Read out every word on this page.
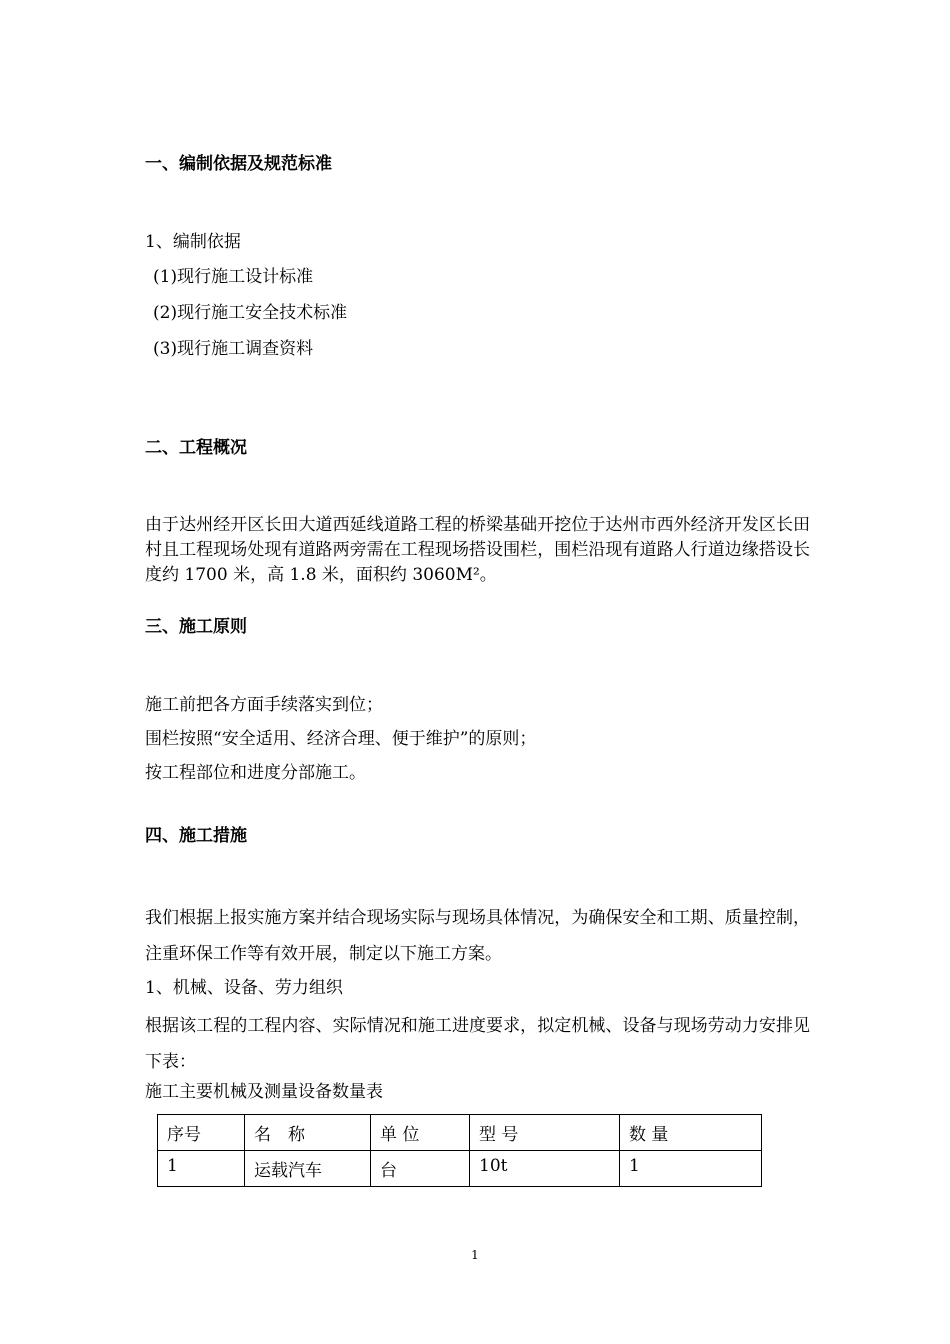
一、编制依据及规范标准
1、编制依据
(1)现行施工设计标准
(2)现行施工安全技术标准
(3)现行施工调查资料
二、工程概况
由于达州经开区长田大道西延线道路工程的桥梁基础开挖位于达州市西外经济开发区长田村且工程现场处现有道路两旁需在工程现场搭设围栏，围栏沿现有道路人行道边缘搭设长度约 1700 米，高 1.8 米，面积约 3060M²。
三、施工原则
施工前把各方面手续落实到位；
围栏按照“安全适用、经济合理、便于维护”的原则；
按工程部位和进度分部施工。
四、施工措施
我们根据上报实施方案并结合现场实际与现场具体情况，为确保安全和工期、质量控制，注重环保工作等有效开展，制定以下施工方案。
1、机械、设备、劳力组织
根据该工程的工程内容、实际情况和施工进度要求，拟定机械、设备与现场劳动力安排见下表：
施工主要机械及测量设备数量表
序号	名　称	单 位	型 号	数 量
1	运载汽车	台	10t	1
1
